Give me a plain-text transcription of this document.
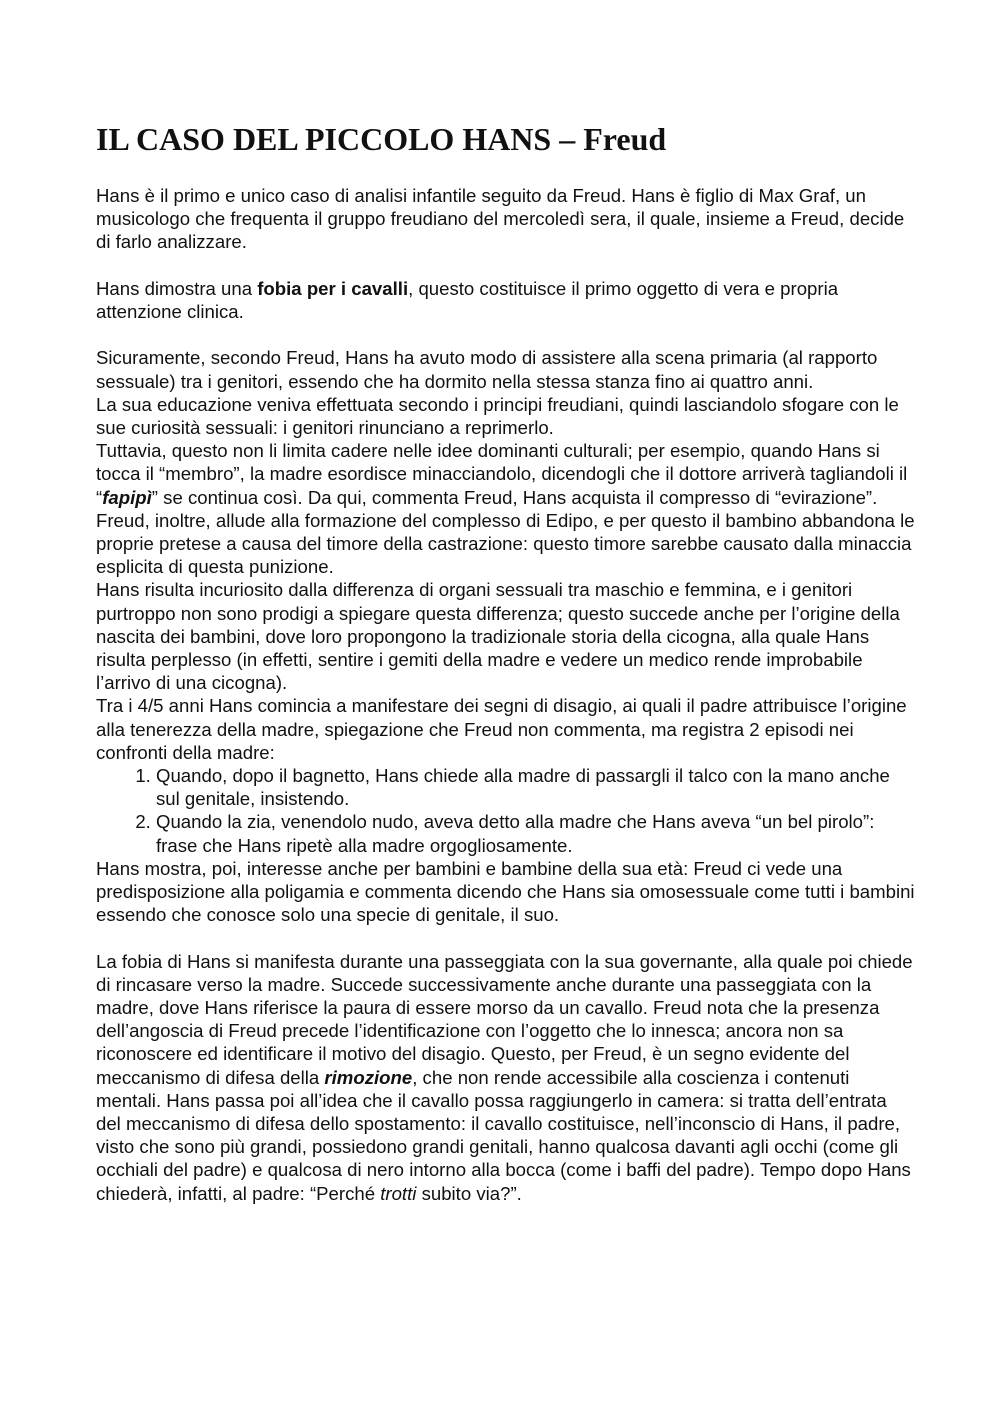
IL CASO DEL PICCOLO HANS – Freud

Hans è il primo e unico caso di analisi infantile seguito da Freud. Hans è figlio di Max Graf, un musicologo che frequenta il gruppo freudiano del mercoledì sera, il quale, insieme a Freud, decide di farlo analizzare.

Hans dimostra una fobia per i cavalli, questo costituisce il primo oggetto di vera e propria attenzione clinica.

Sicuramente, secondo Freud, Hans ha avuto modo di assistere alla scena primaria (al rapporto sessuale) tra i genitori, essendo che ha dormito nella stessa stanza fino ai quattro anni.

La sua educazione veniva effettuata secondo i principi freudiani, quindi lasciandolo sfogare con le sue curiosità sessuali: i genitori rinunciano a reprimerlo.

Tuttavia, questo non li limita cadere nelle idee dominanti culturali; per esempio, quando Hans si tocca il “membro”, la madre esordisce minacciandolo, dicendogli che il dottore arriverà tagliandoli il “fapipì” se continua così. Da qui, commenta Freud, Hans acquista il compresso di “evirazione”. Freud, inoltre, allude alla formazione del complesso di Edipo, e per questo il bambino abbandona le proprie pretese a causa del timore della castrazione: questo timore sarebbe causato dalla minaccia esplicita di questa punizione.

Hans risulta incuriosito dalla differenza di organi sessuali tra maschio e femmina, e i genitori purtroppo non sono prodigi a spiegare questa differenza; questo succede anche per l’origine della nascita dei bambini, dove loro propongono la tradizionale storia della cicogna, alla quale Hans risulta perplesso (in effetti, sentire i gemiti della madre e vedere un medico rende improbabile l’arrivo di una cicogna).

Tra i 4/5 anni Hans comincia a manifestare dei segni di disagio, ai quali il padre attribuisce l’origine alla tenerezza della madre, spiegazione che Freud non commenta, ma registra 2 episodi nei confronti della madre:

1. Quando, dopo il bagnetto, Hans chiede alla madre di passargli il talco con la mano anche sul genitale, insistendo.
2. Quando la zia, venendolo nudo, aveva detto alla madre che Hans aveva “un bel pirolo”: frase che Hans ripetè alla madre orgogliosamente.

Hans mostra, poi, interesse anche per bambini e bambine della sua età: Freud ci vede una predisposizione alla poligamia e commenta dicendo che Hans sia omosessuale come tutti i bambini essendo che conosce solo una specie di genitale, il suo.

La fobia di Hans si manifesta durante una passeggiata con la sua governante, alla quale poi chiede di rincasare verso la madre. Succede successivamente anche durante una passeggiata con la madre, dove Hans riferisce la paura di essere morso da un cavallo. Freud nota che la presenza dell’angoscia di Freud precede l’identificazione con l’oggetto che lo innesca; ancora non sa riconoscere ed identificare il motivo del disagio. Questo, per Freud, è un segno evidente del meccanismo di difesa della rimozione, che non rende accessibile alla coscienza i contenuti mentali. Hans passa poi all’idea che il cavallo possa raggiungerlo in camera: si tratta dell’entrata del meccanismo di difesa dello spostamento: il cavallo costituisce, nell’inconscio di Hans, il padre, visto che sono più grandi, possiedono grandi genitali, hanno qualcosa davanti agli occhi (come gli occhiali del padre) e qualcosa di nero intorno alla bocca (come i baffi del padre). Tempo dopo Hans chiederà, infatti, al padre: “Perché trotti subito via?”.
